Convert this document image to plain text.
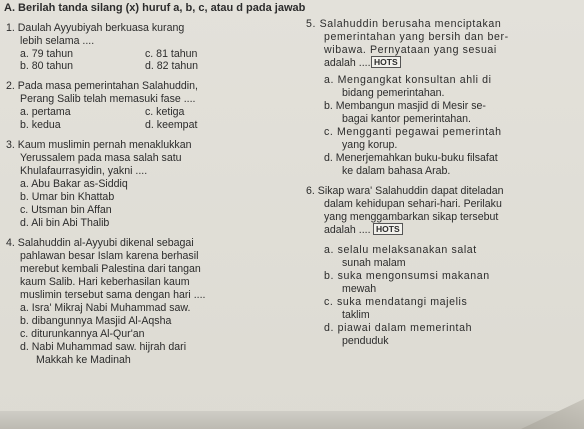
A. Berilah tanda silang (x) huruf a, b, c, atau d pada jawab
1. Daulah Ayyubiyah berkuasa kurang
lebih selama ....
a. 79 tahun	c. 81 tahun
b. 80 tahun	d. 82 tahun
2. Pada masa pemerintahan Salahuddin,
Perang Salib telah memasuki fase ....
a. pertama	c. ketiga
b. kedua	d. keempat
3. Kaum muslimin pernah menaklukkan
Yerussalem pada masa salah satu
Khulafaurrasyidin, yakni ....
a. Abu Bakar as-Siddiq
b. Umar bin Khattab
c. Utsman bin Affan
d. Ali bin Abi Thalib
4. Salahuddin al-Ayyubi dikenal sebagai
pahlawan besar Islam karena berhasil
merebut kembali Palestina dari tangan
kaum Salib. Hari keberhasilan kaum
muslimin tersebut sama dengan hari ....
a. Isra' Mikraj Nabi Muhammad saw.
b. dibangunnya Masjid Al-Aqsha
c. diturunkannya Al-Qur'an
d. Nabi Muhammad saw. hijrah dari
Makkah ke Madinah
5. Salahuddin berusaha menciptakan
pemerintahan yang bersih dan ber-
wibawa. Pernyataan yang sesuai
adalah ....
a. Mengangkat konsultan ahli di
bidang pemerintahan.
b. Membangun masjid di Mesir se-
bagai kantor pemerintahan.
c. Mengganti pegawai pemerintah
yang korup.
d. Menerjemahkan buku-buku filsafat
ke dalam bahasa Arab.
6. Sikap wara' Salahuddin dapat diteladan
dalam kehidupan sehari-hari. Perilaku
yang menggambarkan sikap tersebut
adalah ....
a. selalu melaksanakan salat
sunah malam
b. suka mengonsumsi makanan
mewah
c. suka mendatangi majelis
taklim
d. piawai dalam memerintah
penduduk
HOTS
HOTS
